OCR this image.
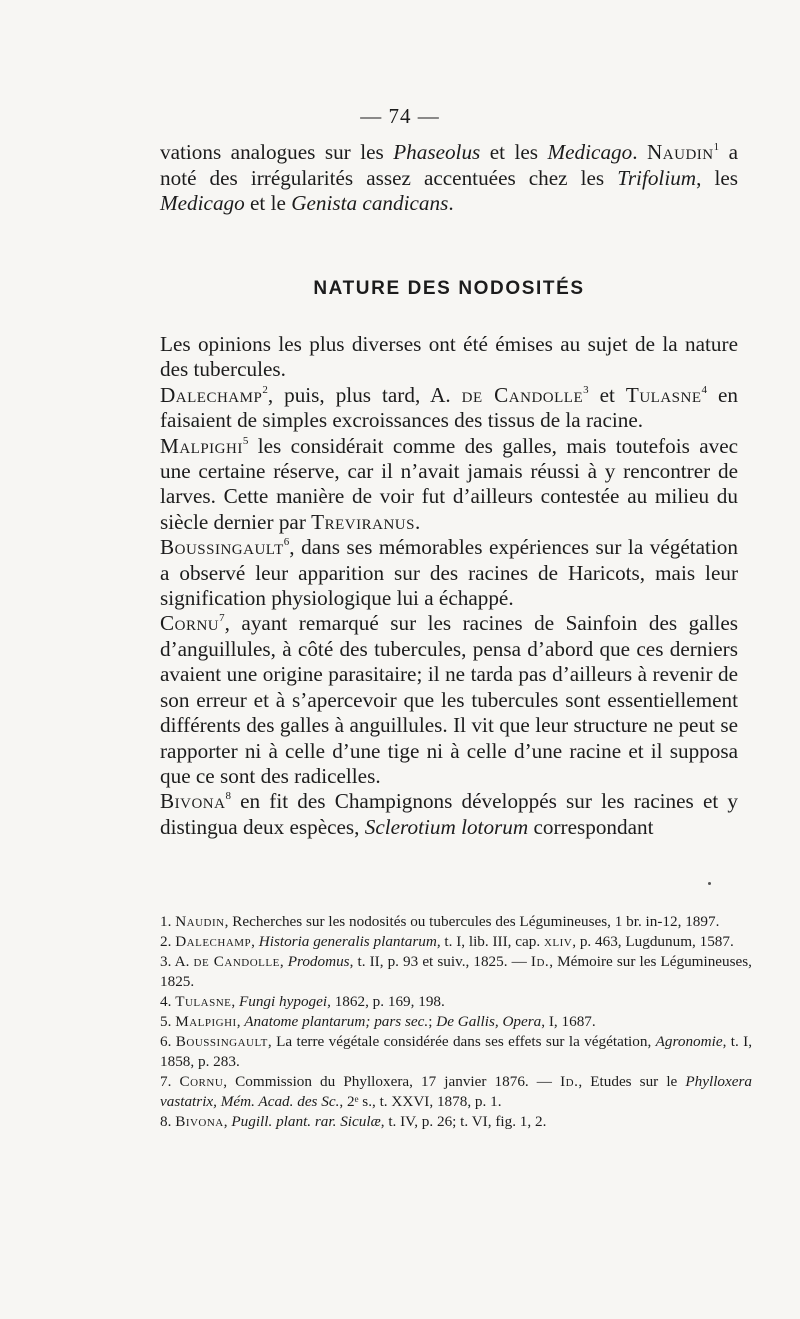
— 74 —

vations analogues sur les Phaseolus et les Medicago. Naudin$^1$ a noté des irrégularités assez accentuées chez les Trifolium, les Medicago et le Genista candicans.

NATURE DES NODOSITÉS

Les opinions les plus diverses ont été émises au sujet de la nature des tubercules.

Dalechamp$^2$, puis, plus tard, A. de Candolle$^3$ et Tulasne$^4$ en faisaient de simples excroissances des tissus de la racine.

Malpighi$^5$ les considérait comme des galles, mais toutefois avec une certaine réserve, car il n’avait jamais réussi à y rencontrer de larves. Cette manière de voir fut d’ailleurs contestée au milieu du siècle dernier par Treviranus.

Boussingault$^6$, dans ses mémorables expériences sur la végétation a observé leur apparition sur des racines de Haricots, mais leur signification physiologique lui a échappé.

Cornu$^7$, ayant remarqué sur les racines de Sainfoin des galles d’anguillules, à côté des tubercules, pensa d’abord que ces derniers avaient une origine parasitaire; il ne tarda pas d’ailleurs à revenir de son erreur et à s’apercevoir que les tubercules sont essentiellement différents des galles à anguillules. Il vit que leur structure ne peut se rapporter ni à celle d’une tige ni à celle d’une racine et il supposa que ce sont des radicelles.

Bivona$^8$ en fit des Champignons développés sur les racines et y distingua deux espèces, Sclerotium lotorum correspondant

1. Naudin, Recherches sur les nodosités ou tubercules des Légumineuses, 1 br. in-12, 1897.

2. Dalechamp, Historia generalis plantarum, t. I, lib. III, cap. xliv, p. 463, Lugdunum, 1587.

3. A. de Candolle, Prodomus, t. II, p. 93 et suiv., 1825. — Id., Mémoire sur les Légumineuses, 1825.

4. Tulasne, Fungi hypogei, 1862, p. 169, 198.

5. Malpighi, Anatome plantarum; pars sec.; De Gallis, Opera, I, 1687.

6. Boussingault, La terre végétale considérée dans ses effets sur la végétation, Agronomie, t. I, 1858, p. 283.

7. Cornu, Commission du Phylloxera, 17 janvier 1876. — Id., Etudes sur le Phylloxera vastatrix, Mém. Acad. des Sc., 2ᵉ s., t. XXVI, 1878, p. 1.

8. Bivona, Pugill. plant. rar. Siculæ, t. IV, p. 26; t. VI, fig. 1, 2.
